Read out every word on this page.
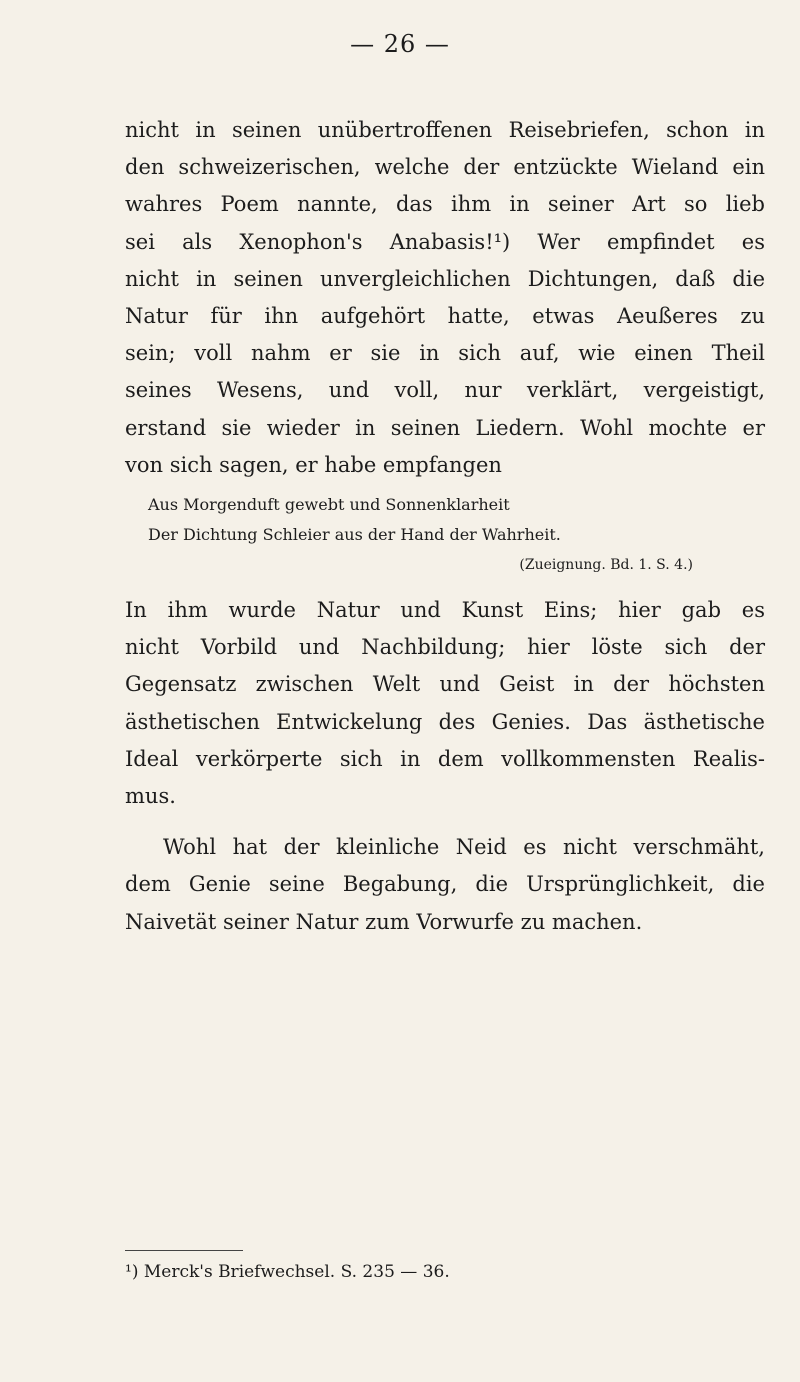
— 26 —
nicht in seinen unübertroffenen Reisebriefen, schon in
den schweizerischen, welche der entzückte Wieland ein
wahres Poem nannte, das ihm in seiner Art so lieb
sei als Xenophon's Anabasis!¹) Wer empfindet es
nicht in seinen unvergleichlichen Dichtungen, daß die
Natur für ihn aufgehört hatte, etwas Aeußeres zu
sein; voll nahm er sie in sich auf, wie einen Theil
seines Wesens, und voll, nur verklärt, vergeistigt,
erstand sie wieder in seinen Liedern. Wohl mochte er
von sich sagen, er habe empfangen
Aus Morgenduft gewebt und Sonnenklarheit
Der Dichtung Schleier aus der Hand der Wahrheit.
(Zueignung. Bd. 1. S. 4.)
In ihm wurde Natur und Kunst Eins; hier gab es
nicht Vorbild und Nachbildung; hier löste sich der
Gegensatz zwischen Welt und Geist in der höchsten
ästhetischen Entwickelung des Genies. Das ästhetische
Ideal verkörperte sich in dem vollkommensten Realis-
mus.
Wohl hat der kleinliche Neid es nicht verschmäht,
dem Genie seine Begabung, die Ursprünglichkeit, die
Naivetät seiner Natur zum Vorwurfe zu machen.
¹) Merck's Briefwechsel. S. 235 — 36.
